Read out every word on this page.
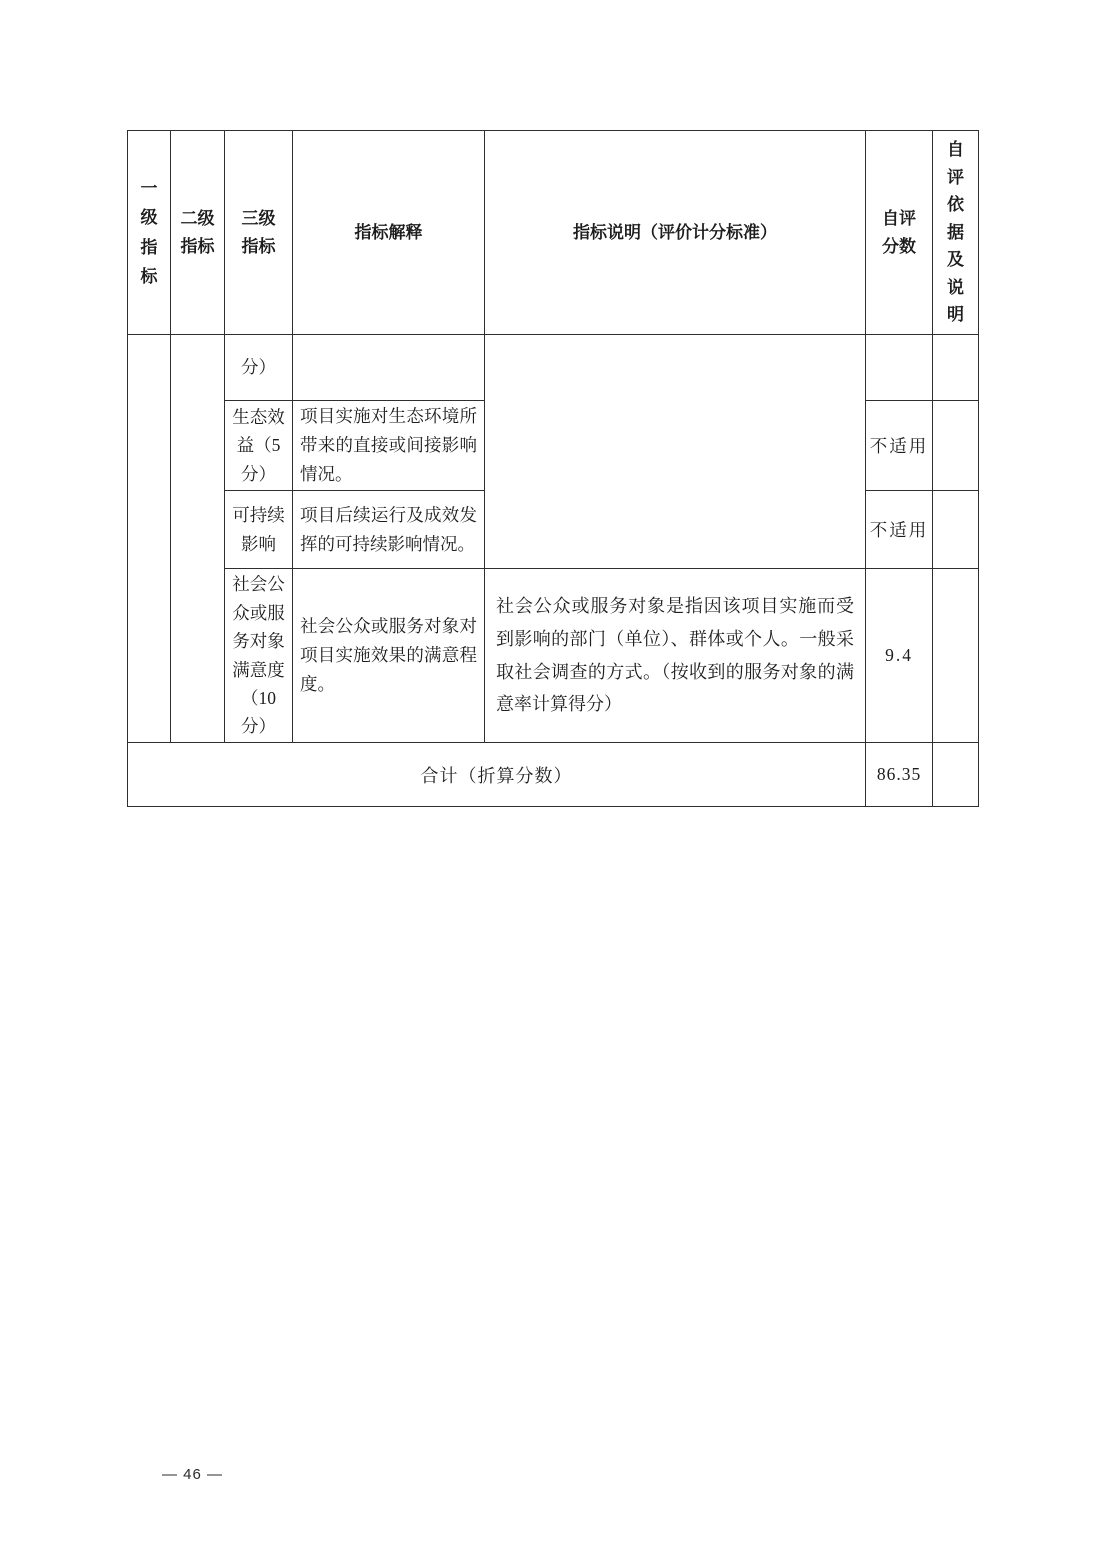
一级指标
二级指标
三级指标
指标解释	指标说明（评价计分标准）
自评分数
自评依据及说明
分）
生态效益（5分）
项目实施对生态环境所带来的直接或间接影响情况。
不适用
可持续影响
项目后续运行及成效发挥的可持续影响情况。
不适用
社会公众或服务对象满意度（10分）
社会公众或服务对象对项目实施效果的满意程度。
社会公众或服务对象是指因该项目实施而受到影响的部门（单位）、群体或个人。一般采取社会调查的方式。（按收到的服务对象的满意率计算得分）
9.4
合计（折算分数）	86.35
— 46 —
